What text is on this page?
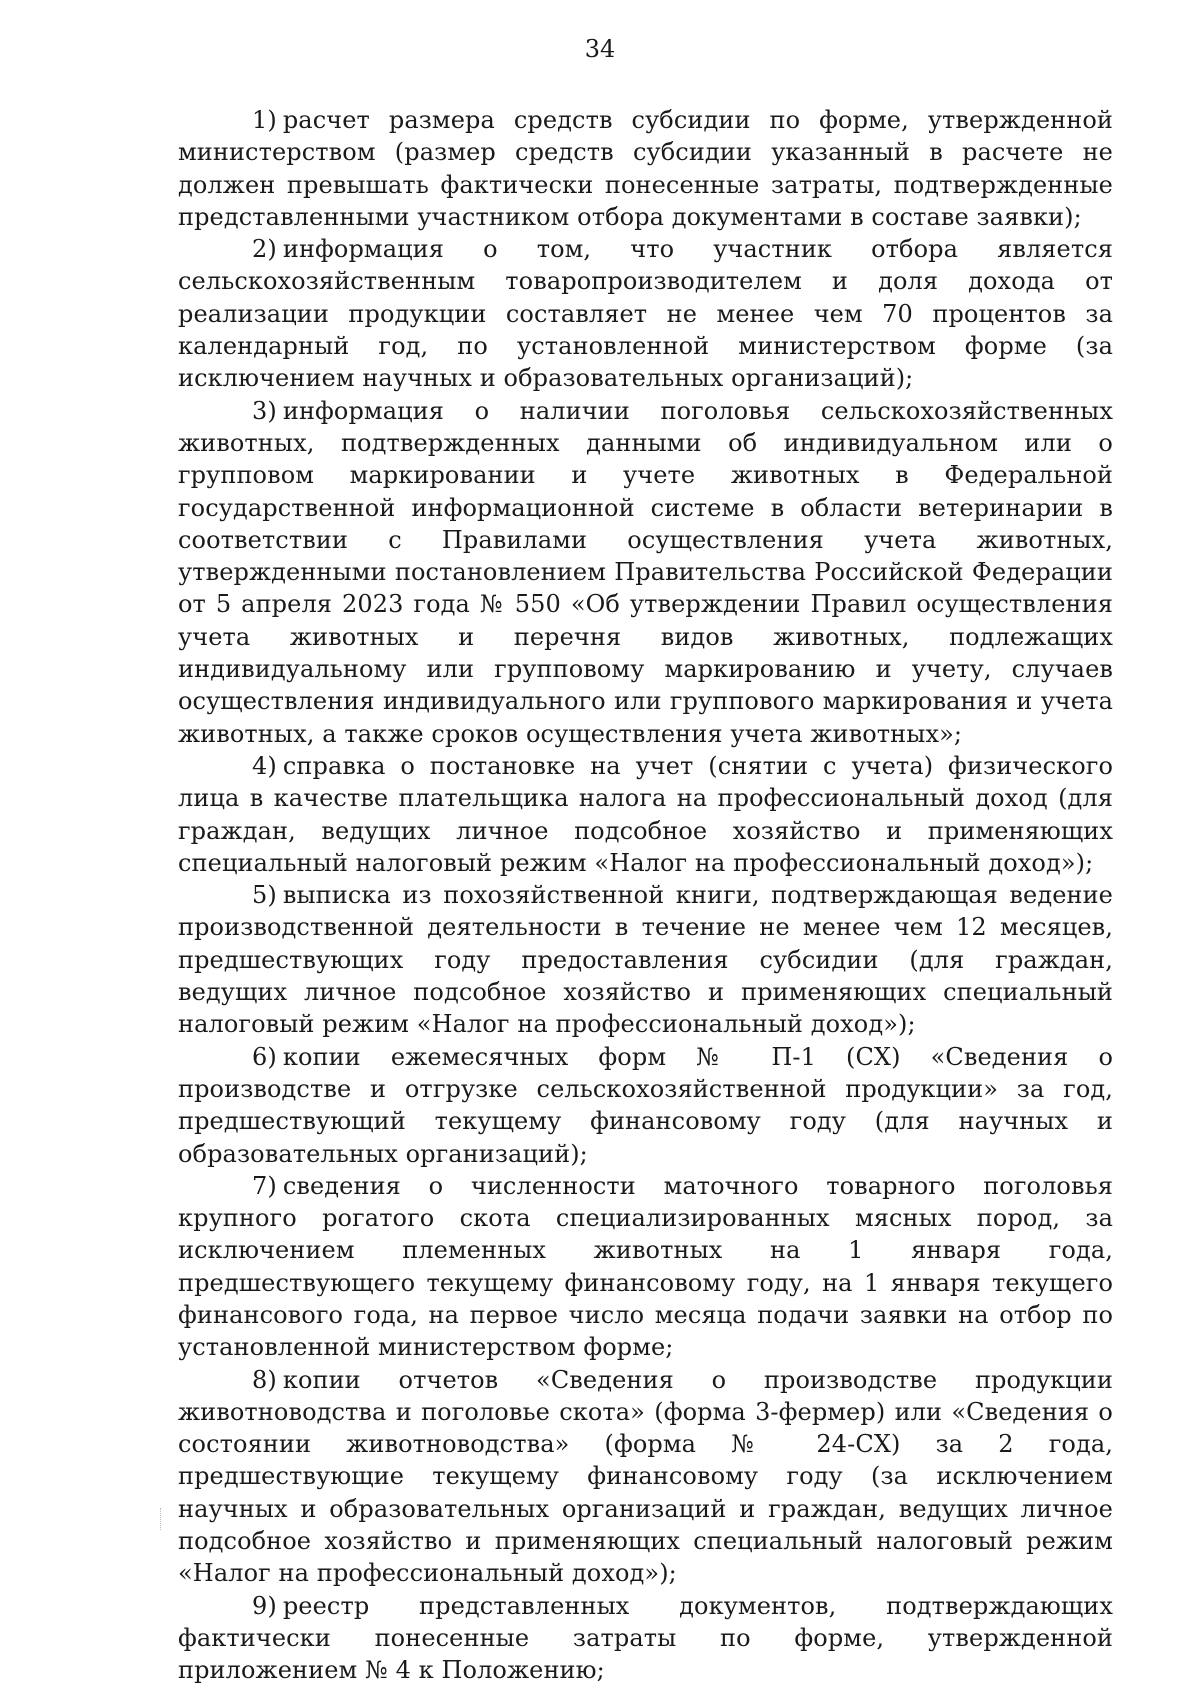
34

1) расчет размера средств субсидии по форме, утвержденной министерством (размер средств субсидии указанный в расчете не должен превышать фактически понесенные затраты, подтвержденные представленными участником отбора документами в составе заявки);

2) информация о том, что участник отбора является сельскохозяйственным товаропроизводителем и доля дохода от реализации продукции составляет не менее чем 70 процентов за календарный год, по установленной министерством форме (за исключением научных и образовательных организаций);

3) информация о наличии поголовья сельскохозяйственных животных, подтвержденных данными об индивидуальном или о групповом маркировании и учете животных в Федеральной государственной информационной системе в области ветеринарии в соответствии с Правилами осуществления учета животных, утвержденными постановлением Правительства Российской Федерации от 5 апреля 2023 года № 550 «Об утверждении Правил осуществления учета животных и перечня видов животных, подлежащих индивидуальному или групповому маркированию и учету, случаев осуществления индивидуального или группового маркирования и учета животных, а также сроков осуществления учета животных»;

4) справка о постановке на учет (снятии с учета) физического лица в качестве плательщика налога на профессиональный доход (для граждан, ведущих личное подсобное хозяйство и применяющих специальный налоговый режим «Налог на профессиональный доход»);

5) выписка из похозяйственной книги, подтверждающая ведение производственной деятельности в течение не менее чем 12 месяцев, предшествующих году предоставления субсидии (для граждан, ведущих личное подсобное хозяйство и применяющих специальный налоговый режим «Налог на профессиональный доход»);

6) копии ежемесячных форм № П-1 (СХ) «Сведения о производстве и отгрузке сельскохозяйственной продукции» за год, предшествующий текущему финансовому году (для научных и образовательных организаций);

7) сведения о численности маточного товарного поголовья крупного рогатого скота специализированных мясных пород, за исключением племенных животных на 1 января года, предшествующего текущему финансовому году, на 1 января текущего финансового года, на первое число месяца подачи заявки на отбор по установленной министерством форме;

8) копии отчетов «Сведения о производстве продукции животноводства и поголовье скота» (форма 3-фермер) или «Сведения о состоянии животноводства» (форма № 24-СХ) за 2 года, предшествующие текущему финансовому году (за исключением научных и образовательных организаций и граждан, ведущих личное подсобное хозяйство и применяющих специальный налоговый режим «Налог на профессиональный доход»);

9) реестр представленных документов, подтверждающих фактически понесенные затраты по форме, утвержденной приложением № 4 к Положению;
